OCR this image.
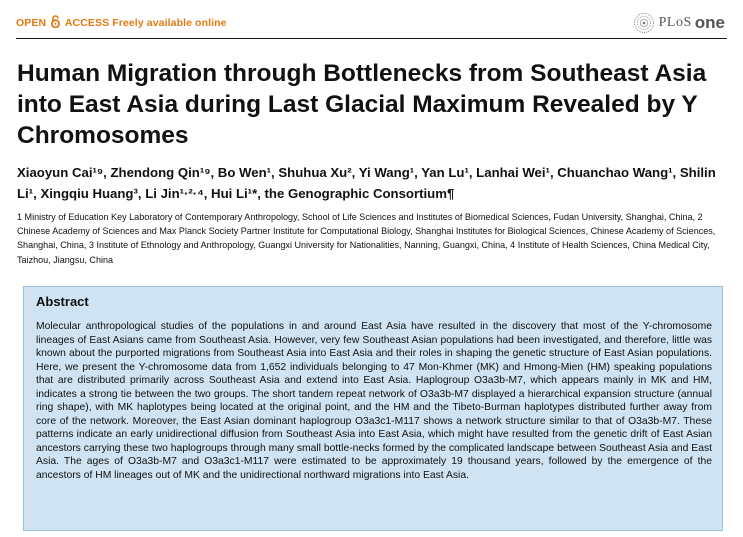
OPEN ACCESS Freely available online	PLoS one
Human Migration through Bottlenecks from Southeast Asia into East Asia during Last Glacial Maximum Revealed by Y Chromosomes
Xiaoyun Cai¹⁹, Zhendong Qin¹⁹, Bo Wen¹, Shuhua Xu², Yi Wang¹, Yan Lu¹, Lanhai Wei¹, Chuanchao Wang¹, Shilin Li¹, Xingqiu Huang³, Li Jin¹·²·⁴, Hui Li¹*, the Genographic Consortium¶
1 Ministry of Education Key Laboratory of Contemporary Anthropology, School of Life Sciences and Institutes of Biomedical Sciences, Fudan University, Shanghai, China, 2 Chinese Academy of Sciences and Max Planck Society Partner Institute for Computational Biology, Shanghai Institutes for Biological Sciences, Chinese Academy of Sciences, Shanghai, China, 3 Institute of Ethnology and Anthropology, Guangxi University for Nationalities, Nanning, Guangxi, China, 4 Institute of Health Sciences, China Medical City, Taizhou, Jiangsu, China
Abstract
Molecular anthropological studies of the populations in and around East Asia have resulted in the discovery that most of the Y-chromosome lineages of East Asians came from Southeast Asia. However, very few Southeast Asian populations had been investigated, and therefore, little was known about the purported migrations from Southeast Asia into East Asia and their roles in shaping the genetic structure of East Asian populations. Here, we present the Y-chromosome data from 1,652 individuals belonging to 47 Mon-Khmer (MK) and Hmong-Mien (HM) speaking populations that are distributed primarily across Southeast Asia and extend into East Asia. Haplogroup O3a3b-M7, which appears mainly in MK and HM, indicates a strong tie between the two groups. The short tandem repeat network of O3a3b-M7 displayed a hierarchical expansion structure (annual ring shape), with MK haplotypes being located at the original point, and the HM and the Tibeto-Burman haplotypes distributed further away from core of the network. Moreover, the East Asian dominant haplogroup O3a3c1-M117 shows a network structure similar to that of O3a3b-M7. These patterns indicate an early unidirectional diffusion from Southeast Asia into East Asia, which might have resulted from the genetic drift of East Asian ancestors carrying these two haplogroups through many small bottle-necks formed by the complicated landscape between Southeast Asia and East Asia. The ages of O3a3b-M7 and O3a3c1-M117 were estimated to be approximately 19 thousand years, followed by the emergence of the ancestors of HM lineages out of MK and the unidirectional northward migrations into East Asia.
